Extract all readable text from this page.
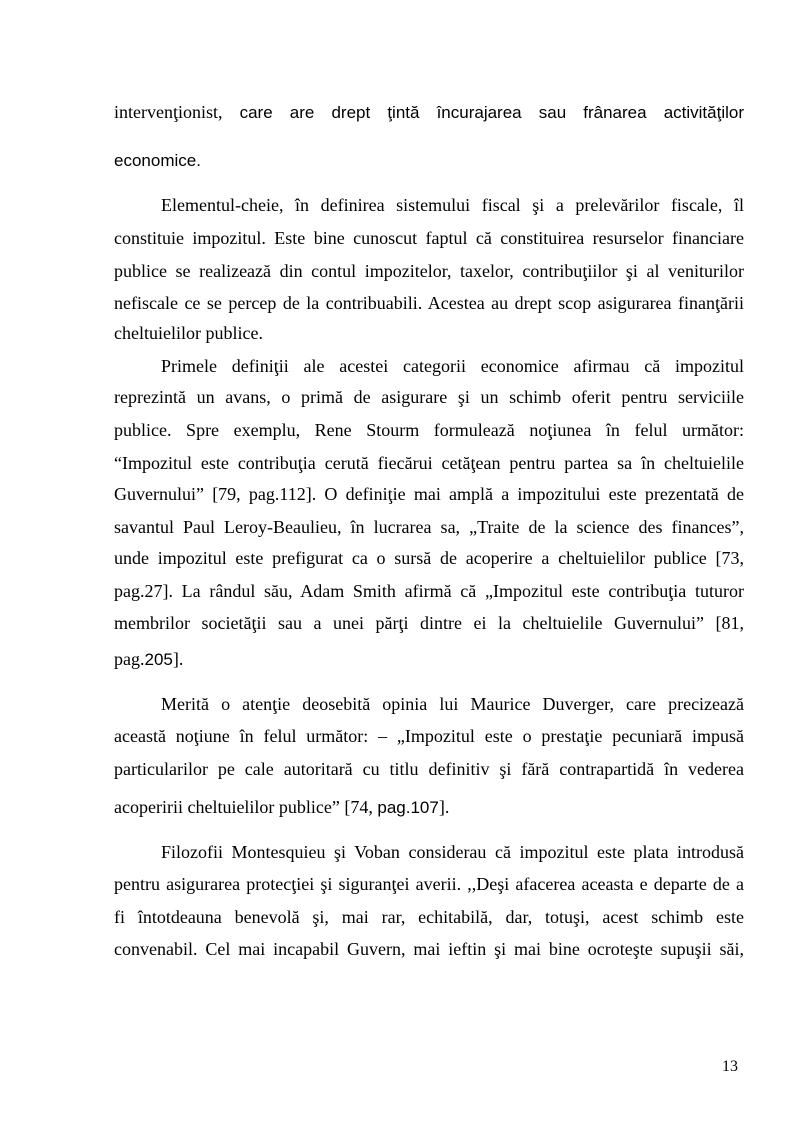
intervenţionist, care are drept ţintă încurajarea sau frânarea activităţilor
economice.
Elementul-cheie, în definirea sistemului fiscal şi a prelevărilor fiscale, îl
constituie impozitul. Este bine cunoscut faptul că constituirea resurselor financiare
publice se realizează din contul impozitelor, taxelor, contribuţiilor şi al veniturilor
nefiscale ce se percep de la contribuabili. Acestea au drept scop asigurarea finanţării
cheltuielilor publice.
Primele definiţii ale acestei categorii economice afirmau că impozitul
reprezintă un avans, o primă de asigurare şi un schimb oferit pentru serviciile
publice. Spre exemplu, Rene Stourm formulează noţiunea în felul următor:
“Impozitul este contribuţia cerută fiecărui cetăţean pentru partea sa în cheltuielile
Guvernului” [79, pag.112]. O definiţie mai amplă a impozitului este prezentată de
savantul Paul Leroy-Beaulieu, în lucrarea sa, „Traite de la science des finances”,
unde impozitul este prefigurat ca o sursă de acoperire a cheltuielilor publice [73,
pag.27]. La rândul său, Adam Smith afirmă că „Impozitul este contribuţia tuturor
membrilor societăţii sau a unei părţi dintre ei la cheltuielile Guvernului” [81,
pag.205].
Merită o atenţie deosebită opinia lui Maurice Duverger, care precizează
această noţiune în felul următor: – „Impozitul este o prestaţie pecuniară impusă
particularilor pe cale autoritară cu titlu definitiv şi fără contrapartidă în vederea
acoperirii cheltuielilor publice” [74, pag.107].
Filozofii Montesquieu şi Voban considerau că impozitul este plata introdusă
pentru asigurarea protecţiei şi siguranţei averii. ,,Deşi afacerea aceasta e departe de a
fi întotdeauna benevolă şi, mai rar, echitabilă, dar, totuşi, acest schimb este
convenabil. Cel mai incapabil Guvern, mai ieftin şi mai bine ocroteşte supuşii săi,
13
